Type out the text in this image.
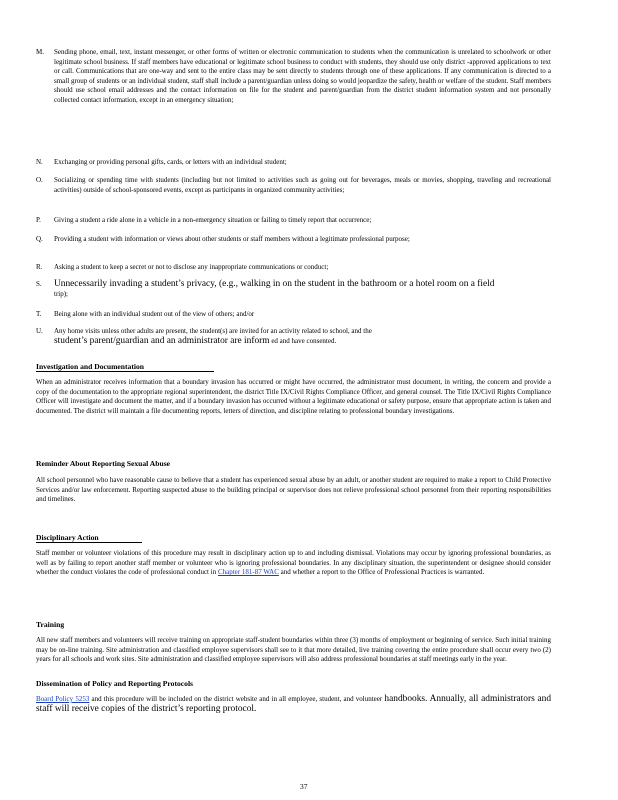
M.	Sending phone, email, text, instant messenger, or other forms of written or electronic communication to students when the communication is unrelated to schoolwork or other legitimate school business. If staff members have educational or legitimate school business to conduct with students, they should use only district -approved applications to text or call. Communications that are one-way and sent to the entire class may be sent directly to students through one of these applications. If any communication is directed to a small group of students or an individual student, staff shall include a parent/guardian unless doing so would jeopardize the safety, health or welfare of the student. Staff members should use school email addresses and the contact information on file for the student and parent/guardian from the district student information system and not personally collected contact information, except in an emergency situation;
N.	Exchanging or providing personal gifts, cards, or letters with an individual student;
O.	Socializing or spending time with students (including but not limited to activities such as going out for beverages, meals or movies, shopping, traveling and recreational activities) outside of school-sponsored events, except as participants in organized community activities;
P.	Giving a student a ride alone in a vehicle in a non-emergency situation or failing to timely report that occurrence;
Q.	Providing a student with information or views about other students or staff members without a legitimate professional purpose;
R.	Asking a student to keep a secret or not to disclose any inappropriate communications or conduct;
S.	Unnecessarily invading a student’s privacy, (e.g., walking in on the student in the bathroom or a hotel room on a field
trip);
T.	Being alone with an individual student out of the view of others; and/or
U.	Any home visits unless other adults are present, the student(s) are invited for an activity related to school, and the
student’s parent/guardian and an administrator are inform ed and have consented.
Investigation and Documentation
When an administrator receives information that a boundary invasion has occurred or might have occurred, the administrator must document, in writing, the concern and provide a copy of the documentation to the appropriate regional superintendent, the district Title IX/Civil Rights Compliance Officer, and general counsel. The Title IX/Civil Rights Compliance Officer will investigate and document the matter, and if a boundary invasion has occurred without a legitimate educational or safety purpose, ensure that appropriate action is taken and documented. The district will maintain a file documenting reports, letters of direction, and discipline relating to professional boundary investigations.
Reminder About Reporting Sexual Abuse
All school personnel who have reasonable cause to believe that a student has experienced sexual abuse by an adult, or another student are required to make a report to Child Protective Services and/or law enforcement. Reporting suspected abuse to the building principal or supervisor does not relieve professional school personnel from their reporting responsibilities and timelines.
Disciplinary Action
Staff member or volunteer violations of this procedure may result in disciplinary action up to and including dismissal. Violations may occur by ignoring professional boundaries, as well as by failing to report another staff member or volunteer who is ignoring professional boundaries. In any disciplinary situation, the superintendent or designee should consider whether the conduct violates the code of professional conduct in Chapter 181-87 WAC and whether a report to the Office of Professional Practices is warranted.
Training
All new staff members and volunteers will receive training on appropriate staff-student boundaries within three (3) months of employment or beginning of service. Such initial training may be on-line training. Site administration and classified employee supervisors shall see to it that more detailed, live training covering the entire procedure shall occur every two (2) years for all schools and work sites. Site administration and classified employee supervisors will also address professional boundaries at staff meetings early in the year.
Dissemination of Policy and Reporting Protocols
Board Policy 5253 and this procedure will be included on the district website and in all employee, student, and volunteer handbooks. Annually, all administrators and staff will receive copies of the district’s reporting protocol.
37
